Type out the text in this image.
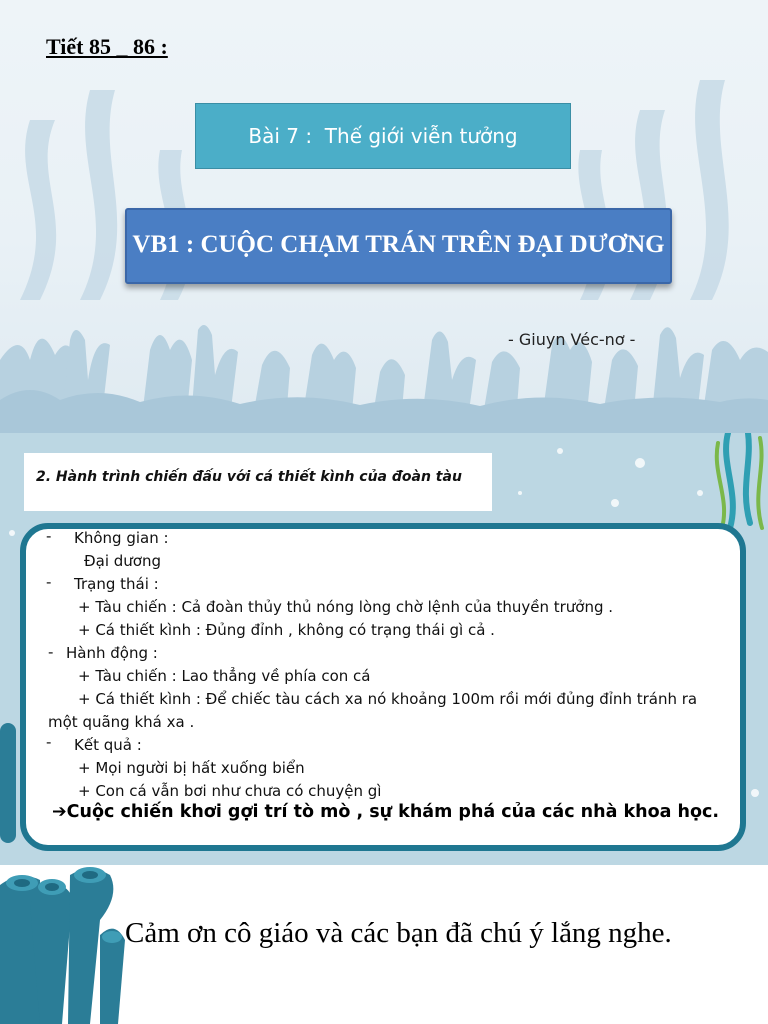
Tiết 85 _ 86 :
Bài 7 :  Thế giới viễn tưởng
VB1 : CUỘC CHẠM TRÁN TRÊN ĐẠI DƯƠNG
- Giuyn Véc-nơ -
2. Hành trình chiến đấu với cá thiết kình của đoàn tàu
- Không gian :
Đại dương
- Trạng thái :
+ Tàu chiến : Cả đoàn thủy thủ nóng lòng chờ lệnh của thuyền trưởng .
+ Cá thiết kình : Đủng đỉnh , không có trạng thái gì cả .
- Hành động :
+ Tàu chiến : Lao thẳng về phía con cá
+ Cá thiết kình : Để chiếc tàu cách xa nó khoảng 100m rồi mới đủng đỉnh tránh ra
một quãng khá xa .
- Kết quả :
+ Mọi người bị hất xuống biển
+ Con cá vẫn bơi như chưa có chuyện gì
➔Cuộc chiến khơi gợi trí tò mò , sự khám phá của các nhà khoa học.
Cảm ơn cô giáo và các bạn đã chú ý lắng nghe.
